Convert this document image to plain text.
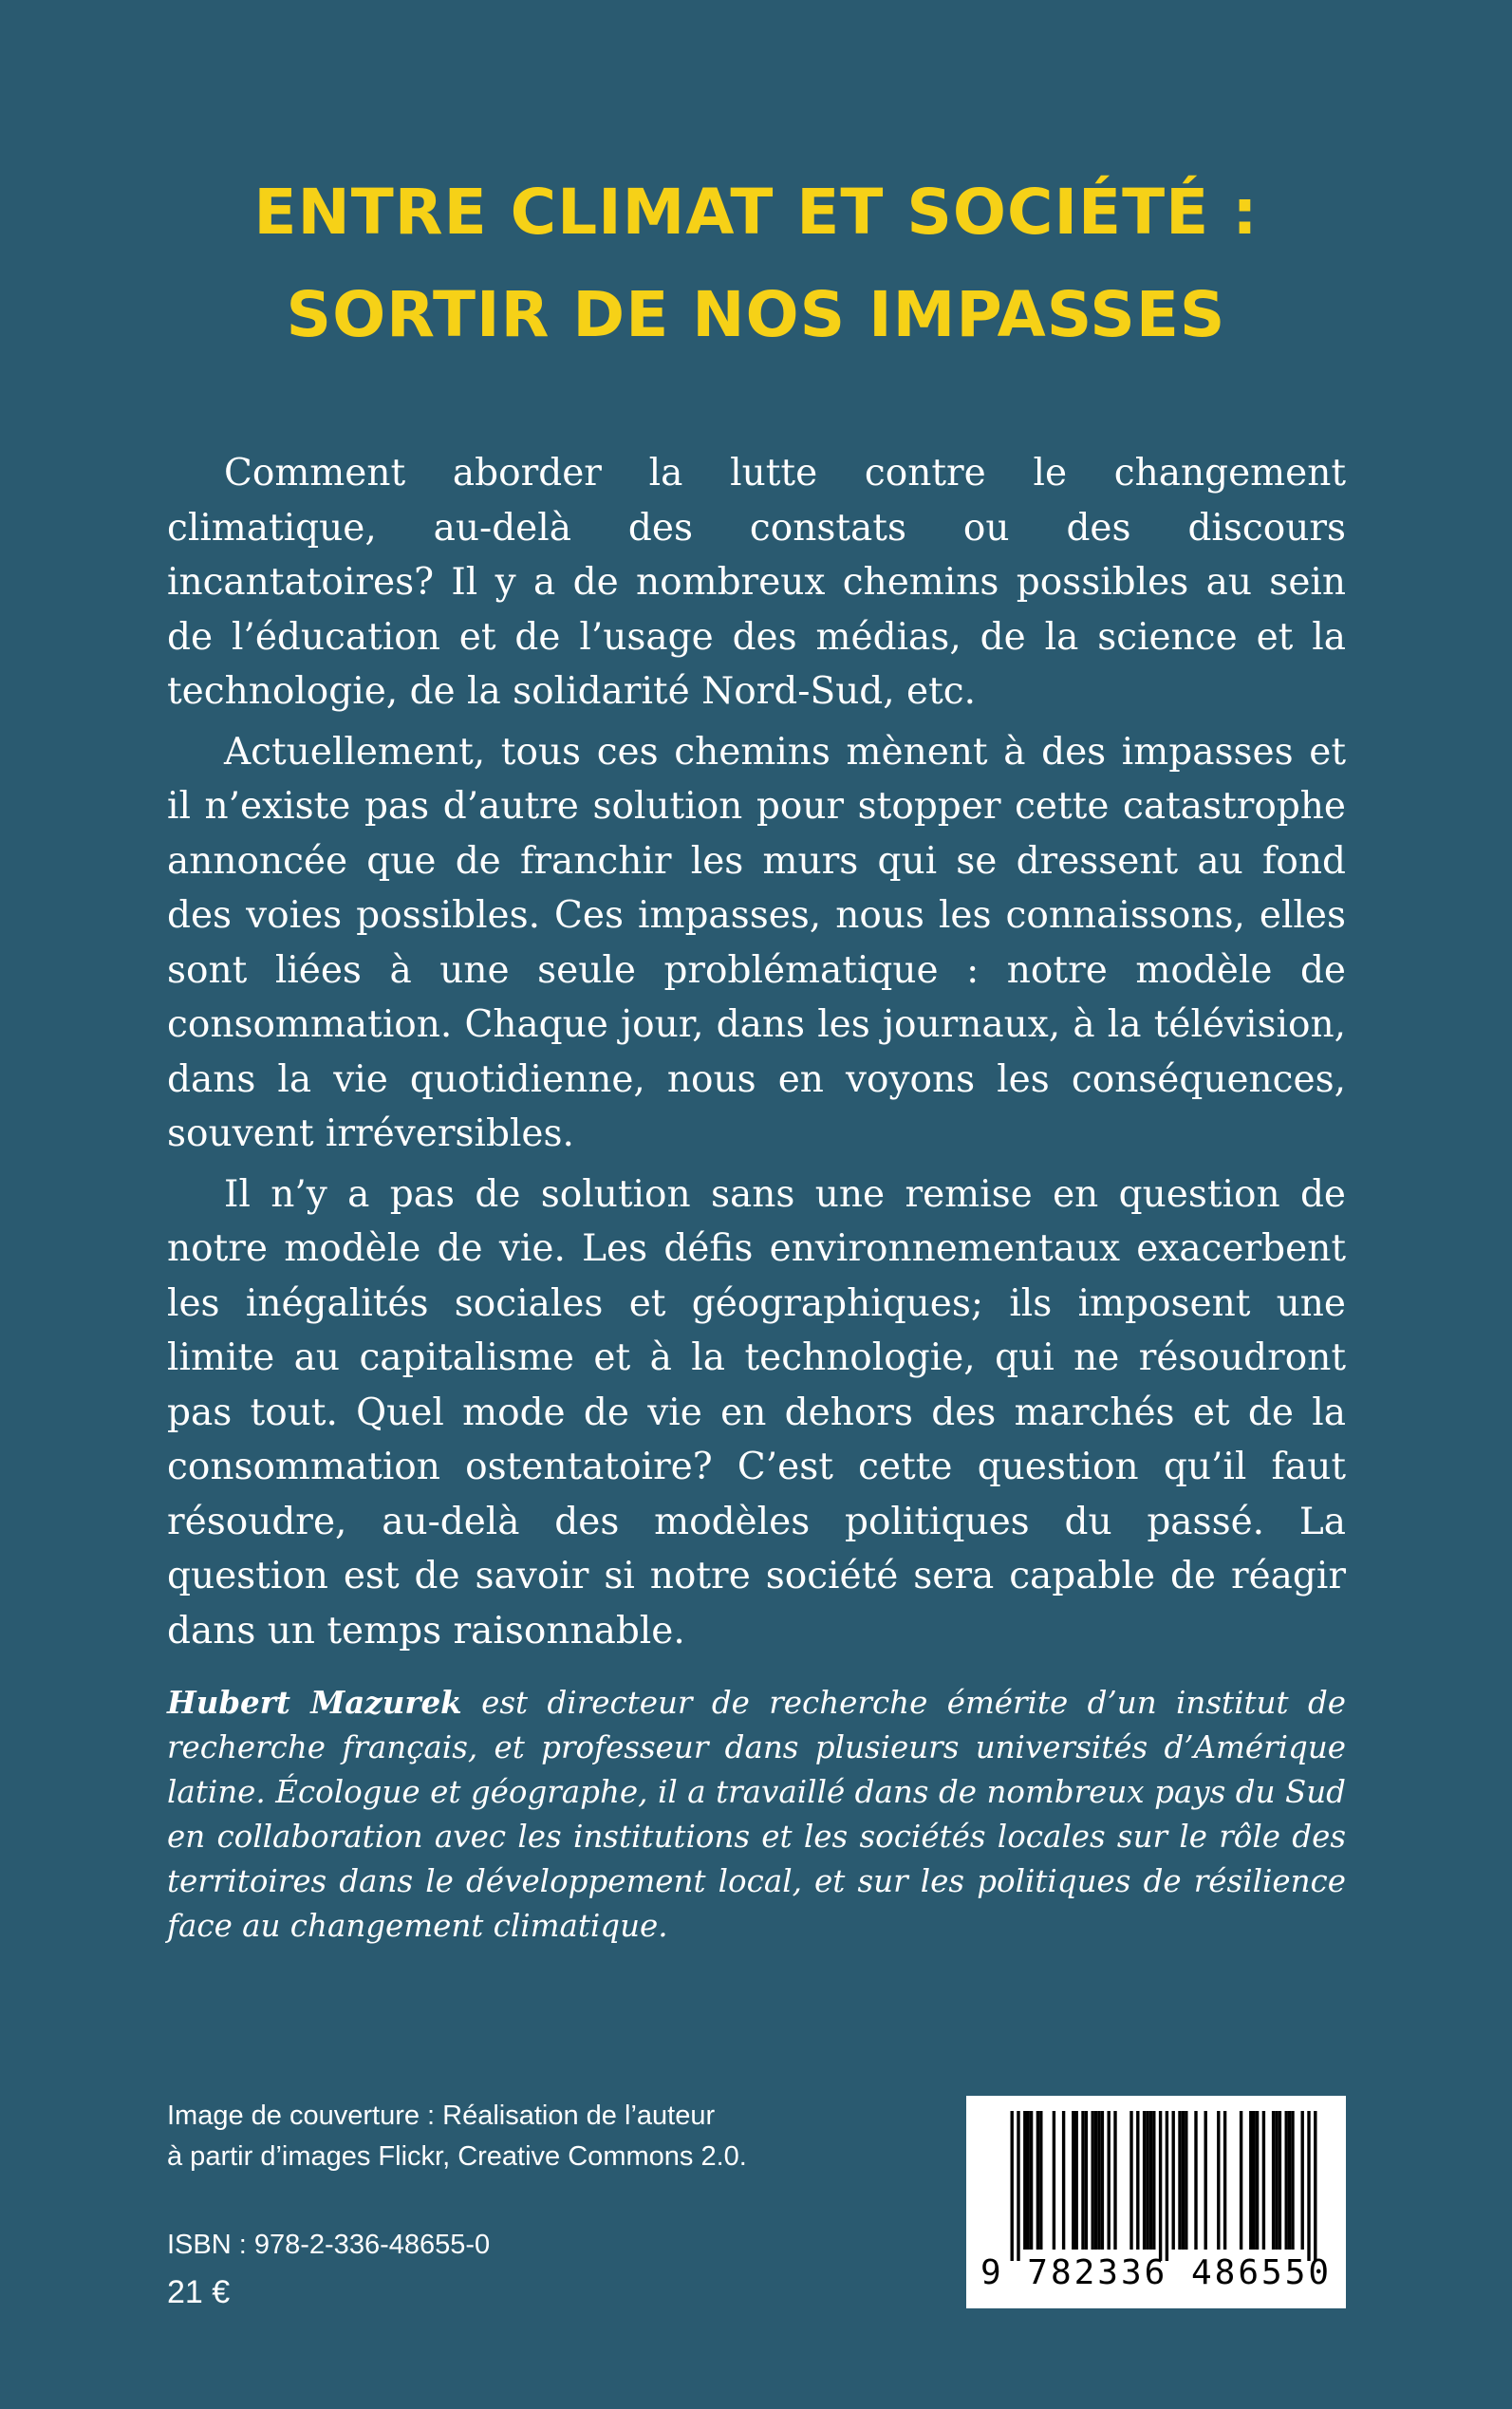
ENTRE CLIMAT ET SOCIÉTÉ :
SORTIR DE NOS IMPASSES

Comment aborder la lutte contre le changement climatique, au-delà des constats ou des discours incantatoires? Il y a de nombreux chemins possibles au sein de l’éducation et de l’usage des médias, de la science et la technologie, de la solidarité Nord-Sud, etc.

Actuellement, tous ces chemins mènent à des impasses et il n’existe pas d’autre solution pour stopper cette catastrophe annoncée que de franchir les murs qui se dressent au fond des voies possibles. Ces impasses, nous les connaissons, elles sont liées à une seule problématique : notre modèle de consommation. Chaque jour, dans les journaux, à la télévision, dans la vie quotidienne, nous en voyons les conséquences, souvent irréversibles.

Il n’y a pas de solution sans une remise en question de notre modèle de vie. Les défis environnementaux exacerbent les inégalités sociales et géographiques; ils imposent une limite au capitalisme et à la technologie, qui ne résoudront pas tout. Quel mode de vie en dehors des marchés et de la consommation ostentatoire? C’est cette question qu’il faut résoudre, au-delà des modèles politiques du passé. La question est de savoir si notre société sera capable de réagir dans un temps raisonnable.

Hubert Mazurek est directeur de recherche émérite d’un institut de recherche français, et professeur dans plusieurs universités d’Amérique latine. Écologue et géographe, il a travaillé dans de nombreux pays du Sud en collaboration avec les institutions et les sociétés locales sur le rôle des territoires dans le développement local, et sur les politiques de résilience face au changement climatique.
Image de couverture : Réalisation de l’auteur
à partir d’images Flickr, Creative Commons 2.0.
ISBN : 978-2-336-48655-0
21 €	9 782336 486550
